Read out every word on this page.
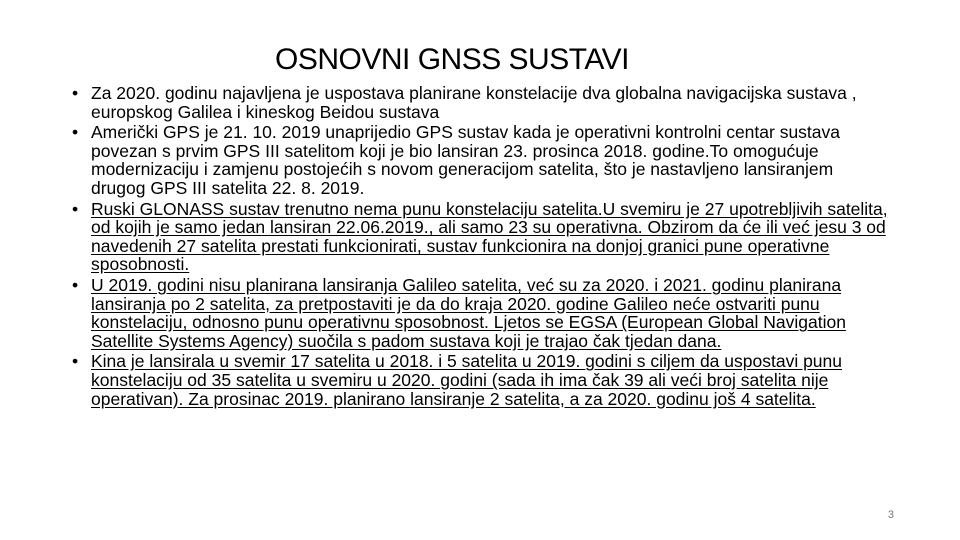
OSNOVNI GNSS SUSTAVI
• Za 2020. godinu najavljena je uspostava planirane konstelacije dva globalna navigacijska sustava , europskog Galilea i kineskog Beidou sustava
• Američki GPS je 21. 10. 2019 unaprijedio GPS sustav kada je operativni kontrolni centar sustava povezan s prvim GPS III satelitom koji je bio lansiran 23. prosinca 2018. godine.To omogućuje modernizaciju i zamjenu postojećih s novom generacijom satelita, što je nastavljeno lansiranjem drugog GPS III satelita 22. 8. 2019.
• Ruski GLONASS sustav trenutno nema punu konstelaciju satelita.U svemiru je 27 upotrebljivih satelita, od kojih je samo jedan lansiran 22.06.2019., ali samo 23 su operativna. Obzirom da će ili već jesu 3 od navedenih 27 satelita prestati funkcionirati, sustav funkcionira na donjoj granici pune operativne sposobnosti.
• U 2019. godini nisu planirana lansiranja Galileo satelita, već su za 2020. i 2021. godinu planirana lansiranja po 2 satelita, za pretpostaviti je da do kraja 2020. godine Galileo neće ostvariti punu konstelaciju, odnosno punu operativnu sposobnost. Ljetos se EGSA (European Global Navigation Satellite Systems Agency) suočila s padom sustava koji je trajao čak tjedan dana.
• Kina je lansirala u svemir 17 satelita u 2018. i 5 satelita u 2019. godini s ciljem da uspostavi punu konstelaciju od 35 satelita u svemiru u 2020. godini (sada ih ima čak 39 ali veći broj satelita nije operativan). Za prosinac 2019. planirano lansiranje 2 satelita, a za 2020. godinu još 4 satelita.
3
